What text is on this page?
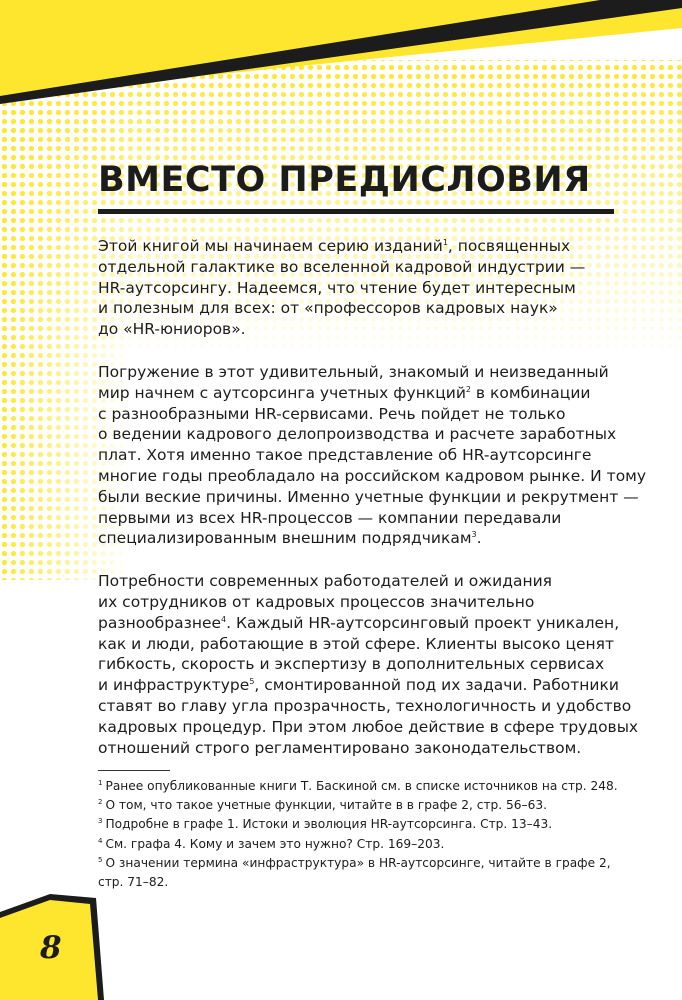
ВМЕСТО ПРЕДИСЛОВИЯ

Этой книгой мы начинаем серию изданий$^1$, посвященных
отдельной галактике во вселенной кадровой индустрии —
HR-аутсорсингу. Надеемся, что чтение будет интересным
и полезным для всех: от «профессоров кадровых наук»
до «HR-юниоров».

Погружение в этот удивительный, знакомый и неизведанный
мир начнем с аутсорсинга учетных функций$^2$ в комбинации
с разнообразными HR-сервисами. Речь пойдет не только
о ведении кадрового делопроизводства и расчете заработных
плат. Хотя именно такое представление об HR-аутсорсинге
многие годы преобладало на российском кадровом рынке. И тому
были веские причины. Именно учетные функции и рекрутмент —
первыми из всех HR-процессов — компании передавали
специализированным внешним подрядчикам$^3$.

Потребности современных работодателей и ожидания
их сотрудников от кадровых процессов значительно
разнообразнее$^4$. Каждый HR-аутсорсинговый проект уникален,
как и люди, работающие в этой сфере. Клиенты высоко ценят
гибкость, скорость и экспертизу в дополнительных сервисах
и инфраструктуре$^5$, смонтированной под их задачи. Работники
ставят во главу угла прозрачность, технологичность и удобство
кадровых процедур. При этом любое действие в сфере трудовых
отношений строго регламентировано законодательством.

$^1$ Ранее опубликованные книги Т. Баскиной см. в списке источников на стр. 248.
$^2$ О том, что такое учетные функции, читайте в в графе 2, стр. 56–63.
$^3$ Подробне в графе 1. Истоки и эволюция HR-аутсорсинга. Стр. 13–43.
$^4$ См. графа 4. Кому и зачем это нужно? Стр. 169–203.
$^5$ О значении термина «инфраструктура» в HR-аутсорсинге, читайте в графе 2,
стр. 71–82.
8
